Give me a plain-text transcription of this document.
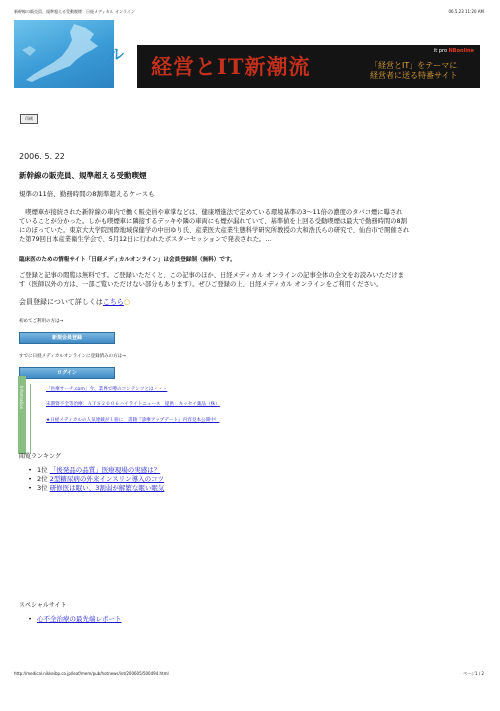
新幹線の販売員、規準超える受動喫煙：日経メディカル オンライン	06.5.23 11:20 AM
ル 経営とIT新潮流
it pro NBonline
「経営とIT」をテーマに
経営者に送る特番サイト
印刷
2006. 5. 22
新幹線の販売員、規準超える受動喫煙
規準の11倍、勤務時間の8割準超えるケースも
　喫煙車が接続された新幹線の車内で働く販売員や車掌などは、健康増進法で定めている環境基準の3～11倍の濃度のタバコ煙に曝され
ていることが分かった。しかも喫煙車に隣接するデッキや隣の車両にも煙が漏れていて、基準値を上回る受動喫煙は最大で勤務時間の8割
にのぼっていた。東京大大学院国際地域保健学の中田ゆり氏、産業医大産業生態科学研究所教授の大和浩氏らの研究で、仙台市で開催され
た第79回日本産業衛生学会で、5月12日に行われたポスターセッションで発表された。...
臨床医のための情報サイト「日経メディカルオンライン」は会員登録制（無料）です。
ご登録と記事の閲覧は無料です。ご登録いただくと、この記事のほか、日経メディカル オンラインの記事全体の全文をお読みいただけま
す（医師以外の方は、一部ご覧いただけない部分もあります）。ぜひご登録の上、日経メディカル オンラインをご利用ください。
会員登録について詳しくはこちら○
初めてご利用の方は→
新規会員登録
すでに日経メディカルオンラインに登録済みの方は→
ログイン
Information	「医療サーチ.com」今、業界で噂のコンテンツとは・・・
末期腎不全等治療：ＡＴＳ２００６ハイライトニュース　提供：キッセイ薬品（株）
★日経メディカルの人気連載が１冊に　書籍『診療アップデート』内容見本公開中！
閲覧ランキング
• 1位 「後発品の品質」医療現場の実感は？
• 2位 2型糖尿病の外来インスリン導入のコツ
• 3位 研修医は眠い、3割弱が解繁な眠い眠気
スペシャルサイト
• 心不全治療の最先端レポート
http://medical.nikkeibp.co.jp/leaf/mem/pub/hotnews/int/200605/500494.html	ページ1 / 2
